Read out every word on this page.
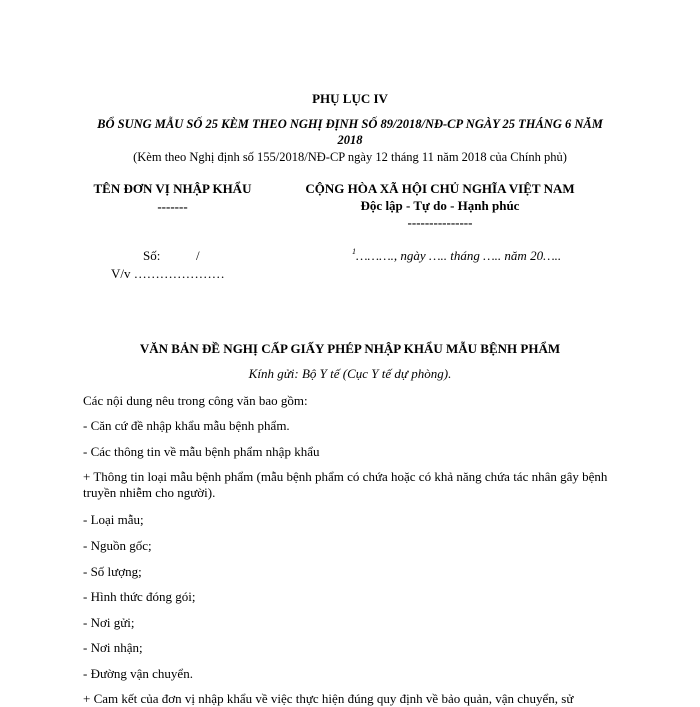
PHỤ LỤC IV
BỔ SUNG MẪU SỐ 25 KÈM THEO NGHỊ ĐỊNH SỐ 89/2018/NĐ-CP NGÀY 25 THÁNG 6 NĂM
2018
(Kèm theo Nghị định số 155/2018/NĐ-CP ngày 12 tháng 11 năm 2018 của Chính phủ)
TÊN ĐƠN VỊ NHẬP KHẨU
-------
CỘNG HÒA XÃ HỘI CHỦ NGHĨA VIỆT NAM
Độc lập - Tự do - Hạnh phúc
---------------
Số:	/	$^1$………., ngày ….. tháng ….. năm 20…..
V/v …………………
VĂN BẢN ĐỀ NGHỊ CẤP GIẤY PHÉP NHẬP KHẨU MẪU BỆNH PHẨM
Kính gửi: Bộ Y tế (Cục Y tế dự phòng).
Các nội dung nêu trong công văn bao gồm:
- Căn cứ đề nhập khẩu mẫu bệnh phẩm.
- Các thông tin về mẫu bệnh phẩm nhập khẩu
+ Thông tin loại mẫu bệnh phẩm (mẫu bệnh phẩm có chứa hoặc có khả năng chứa tác nhân gây bệnh truyền nhiễm cho người).
- Loại mẫu;
- Nguồn gốc;
- Số lượng;
- Hình thức đóng gói;
- Nơi gửi;
- Nơi nhận;
- Đường vận chuyển.
+ Cam kết của đơn vị nhập khẩu về việc thực hiện đúng quy định về bảo quản, vận chuyển, sử
